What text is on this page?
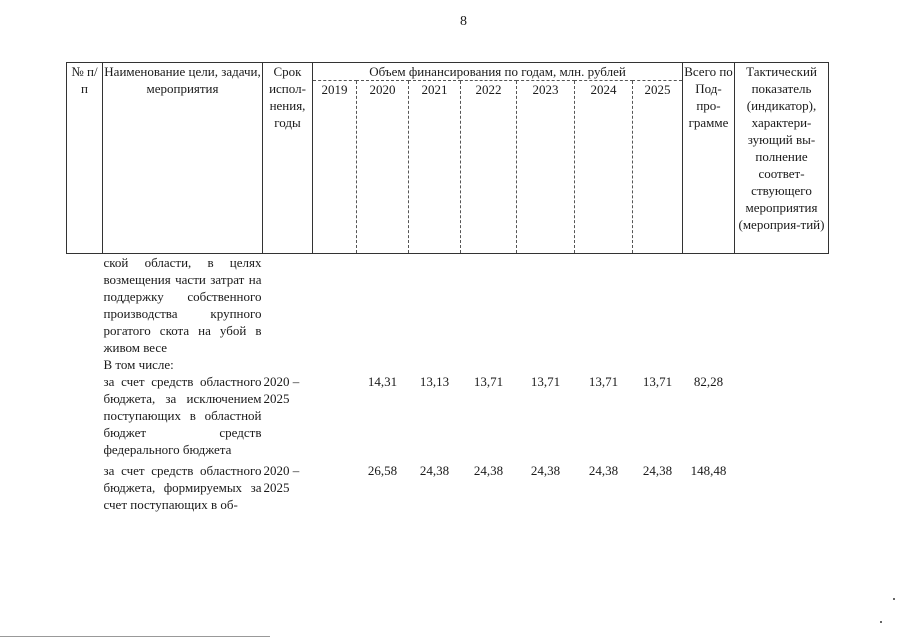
8
№ п/п	Наименование цели, задачи, мероприятия	Срок испол-нения, годы	Объем финансирования по годам, млн. рублей							Всего по Под-про-грамме	Тактический показатель (индикатор), характери-зующий вы-полнение соответ-ствующего мероприятия (мероприя-тий)
			2019	2020	2021	2022	2023	2024	2025		
	ской области, в целях возмещения части затрат на поддержку собственного производства крупного рогатого скота на убой в живом весе										
	В том числе:										
	за счет средств областного бюджета, за исключением поступающих в областной бюджет средств федерального бюджета	2020 – 2025		14,31	13,13	13,71	13,71	13,71	13,71	82,28	
	за счет средств областного бюджета, формируемых за счет поступающих в об-	2020 – 2025		26,58	24,38	24,38	24,38	24,38	24,38	148,48	
